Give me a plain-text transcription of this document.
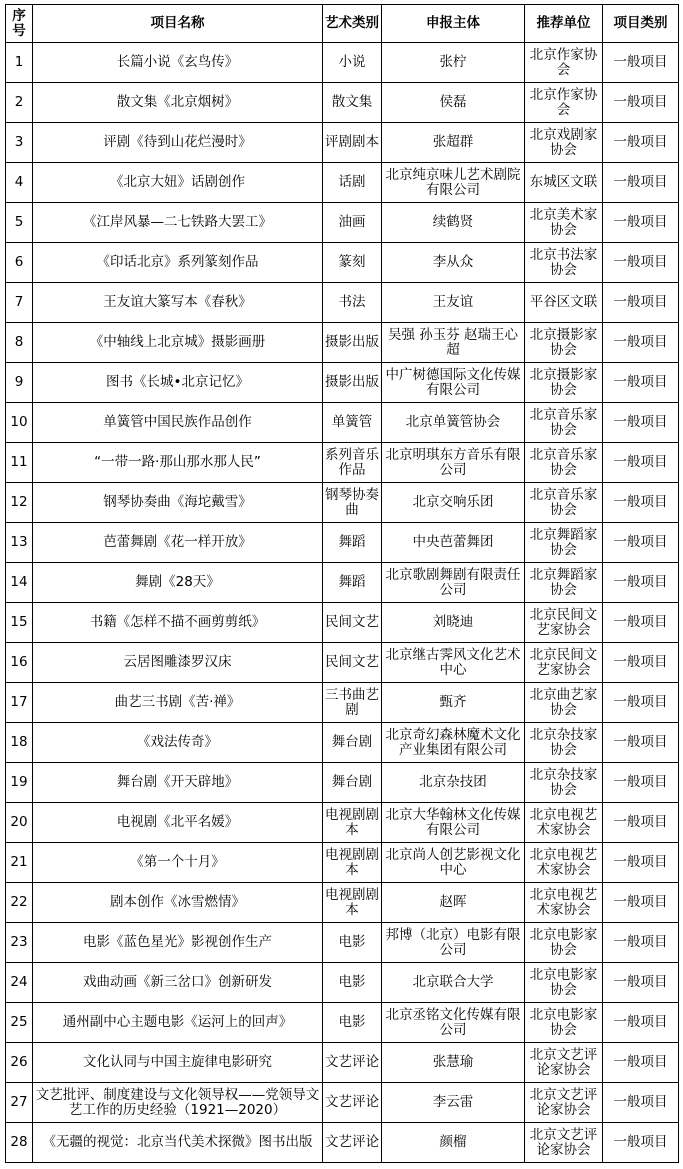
序号	项目名称	艺术类别	申报主体	推荐单位	项目类别
1	长篇小说《玄鸟传》	小说	张柠	北京作家协会	一般项目
2	散文集《北京烟树》	散文集	侯磊	北京作家协会	一般项目
3	评剧《待到山花烂漫时》	评剧剧本	张超群	北京戏剧家协会	一般项目
4	《北京大妞》话剧创作	话剧	北京纯京味儿艺术剧院有限公司	东城区文联	一般项目
5	《江岸风暴—二七铁路大罢工》	油画	续鹤贤	北京美术家协会	一般项目
6	《印话北京》系列篆刻作品	篆刻	李从众	北京书法家协会	一般项目
7	王友谊大篆写本《春秋》	书法	王友谊	平谷区文联	一般项目
8	《中轴线上北京城》摄影画册	摄影出版	吴强 孙玉芬 赵瑞王心超	北京摄影家协会	一般项目
9	图书《长城•北京记忆》	摄影出版	中广树德国际文化传媒有限公司	北京摄影家协会	一般项目
10	单簧管中国民族作品创作	单簧管	北京单簧管协会	北京音乐家协会	一般项目
11	“一带一路·那山那水那人民”	系列音乐作品	北京明琪东方音乐有限公司	北京音乐家协会	一般项目
12	钢琴协奏曲《海坨戴雪》	钢琴协奏曲	北京交响乐团	北京音乐家协会	一般项目
13	芭蕾舞剧《花一样开放》	舞蹈	中央芭蕾舞团	北京舞蹈家协会	一般项目
14	舞剧《28天》	舞蹈	北京歌剧舞剧有限责任公司	北京舞蹈家协会	一般项目
15	书籍《怎样不描不画剪剪纸》	民间文艺	刘晓迪	北京民间文艺家协会	一般项目
16	云居图雕漆罗汉床	民间文艺	北京继古霁风文化艺术中心	北京民间文艺家协会	一般项目
17	曲艺三书剧《苦·禅》	三书曲艺剧	甄齐	北京曲艺家协会	一般项目
18	《戏法传奇》	舞台剧	北京奇幻森林魔术文化产业集团有限公司	北京杂技家协会	一般项目
19	舞台剧《开天辟地》	舞台剧	北京杂技团	北京杂技家协会	一般项目
20	电视剧《北平名媛》	电视剧剧本	北京大华翰林文化传媒有限公司	北京电视艺术家协会	一般项目
21	《第一个十月》	电视剧剧本	北京尚人创艺影视文化中心	北京电视艺术家协会	一般项目
22	剧本创作《冰雪燃情》	电视剧剧本	赵晖	北京电视艺术家协会	一般项目
23	电影《蓝色星光》影视创作生产	电影	邦博（北京）电影有限公司	北京电影家协会	一般项目
24	戏曲动画《新三岔口》创新研发	电影	北京联合大学	北京电影家协会	一般项目
25	通州副中心主题电影《运河上的回声》	电影	北京丞铭文化传媒有限公司	北京电影家协会	一般项目
26	文化认同与中国主旋律电影研究	文艺评论	张慧瑜	北京文艺评论家协会	一般项目
27	文艺批评、制度建设与文化领导权——党领导文艺工作的历史经验（1921—2020）	文艺评论	李云雷	北京文艺评论家协会	一般项目
28	《无疆的视觉：北京当代美术探微》图书出版	文艺评论	颜榴	北京文艺评论家协会	一般项目
